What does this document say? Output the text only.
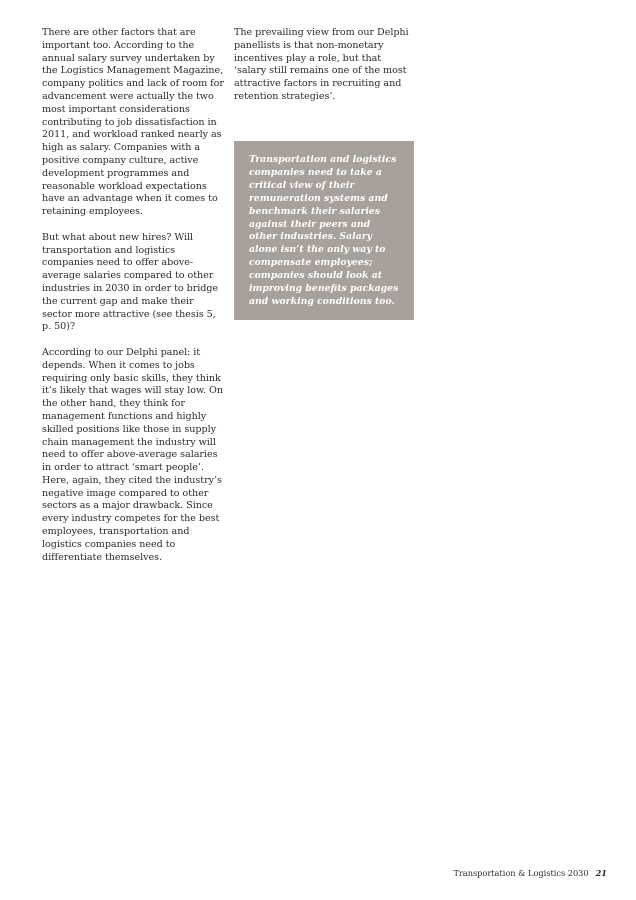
There are other factors that are important too. According to the annual salary survey undertaken by the Logistics Management Magazine, company politics and lack of room for advancement were actually the two most important considerations contributing to job dissatisfaction in 2011, and workload ranked nearly as high as salary. Companies with a positive company culture, active development programmes and reasonable workload expectations have an advantage when it comes to retaining employees.

But what about new hires? Will transportation and logistics companies need to offer above-average salaries compared to other industries in 2030 in order to bridge the current gap and make their sector more attractive (see thesis 5, p. 50)?

According to our Delphi panel: it depends. When it comes to jobs requiring only basic skills, they think it’s likely that wages will stay low. On the other hand, they think for management functions and highly skilled positions like those in supply chain management the industry will need to offer above-average salaries in order to attract ‘smart people’. Here, again, they cited the industry’s negative image compared to other sectors as a major drawback. Since every industry competes for the best employees, transportation and logistics companies need to differentiate themselves.

The prevailing view from our Delphi panellists is that non-monetary incentives play a role, but that ‘salary still remains one of the most attractive factors in recruiting and retention strategies’.

Transportation and logistics companies need to take a critical view of their remuneration systems and benchmark their salaries against their peers and other industries. Salary alone isn’t the only way to compensate employees; companies should look at improving benefits packages and working conditions too.

Transportation & Logistics 2030 21
